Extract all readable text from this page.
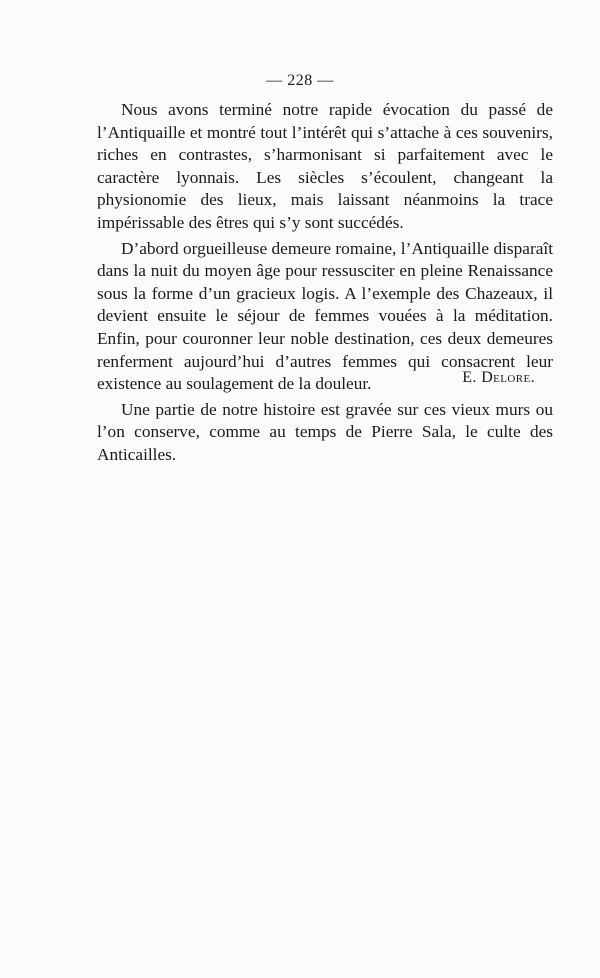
— 228 —

Nous avons terminé notre rapide évocation du passé de l’Antiquaille et montré tout l’intérêt qui s’attache à ces souvenirs, riches en contrastes, s’harmonisant si parfaitement avec le caractère lyonnais. Les siècles s’écoulent, changeant la physionomie des lieux, mais laissant néanmoins la trace impérissable des êtres qui s’y sont succédés.

D’abord orgueilleuse demeure romaine, l’Antiquaille disparaît dans la nuit du moyen âge pour ressusciter en pleine Renaissance sous la forme d’un gracieux logis. A l’exemple des Chazeaux, il devient ensuite le séjour de femmes vouées à la méditation. Enfin, pour couronner leur noble destination, ces deux demeures renferment aujourd’hui d’autres femmes qui consacrent leur existence au soulagement de la douleur.

Une partie de notre histoire est gravée sur ces vieux murs ou l’on conserve, comme au temps de Pierre Sala, le culte des Anticailles.

E. Delore.
